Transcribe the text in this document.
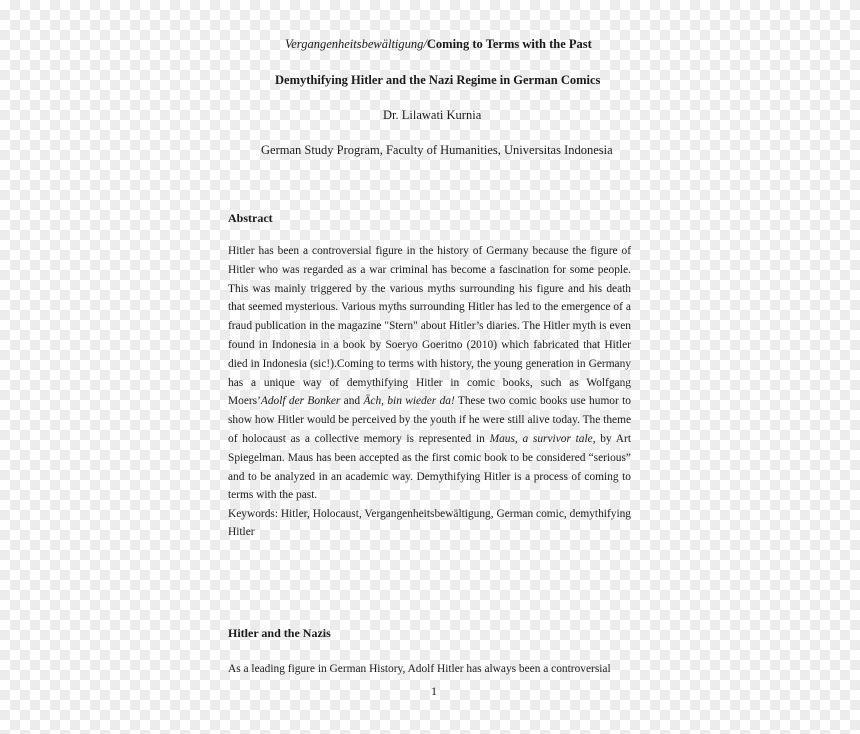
Vergangenheitsbewältigung/Coming to Terms with the Past
Demythifying Hitler and the Nazi Regime in German Comics
Dr. Lilawati Kurnia
German Study Program, Faculty of Humanities, Universitas Indonesia
Abstract
Hitler has been a controversial figure in the history of Germany because the figure of Hitler who was regarded as a war criminal has become a fascination for some people. This was mainly triggered by the various myths surrounding his figure and his death that seemed mysterious. Various myths surrounding Hitler has led to the emergence of a fraud publication in the magazine "Stern" about Hitler’s diaries. The Hitler myth is even found in Indonesia in a book by Soeryo Goeritno (2010) which fabricated that Hitler died in Indonesia (sic!).Coming to terms with history, the young generation in Germany has a unique way of demythifying Hitler in comic books, such as Wolfgang Moers’Adolf der Bonker and Äch, bin wieder da! These two comic books use humor to show how Hitler would be perceived by the youth if he were still alive today. The theme of holocaust as a collective memory is represented in Maus, a survivor tale, by Art Spiegelman. Maus has been accepted as the first comic book to be considered “serious” and to be analyzed in an academic way. Demythifying Hitler is a process of coming to terms with the past.
Keywords: Hitler, Holocaust, Vergangenheitsbewältigung, German comic, demythifying Hitler
Hitler and the Nazis
As a leading figure in German History, Adolf Hitler has always been a controversial
1
